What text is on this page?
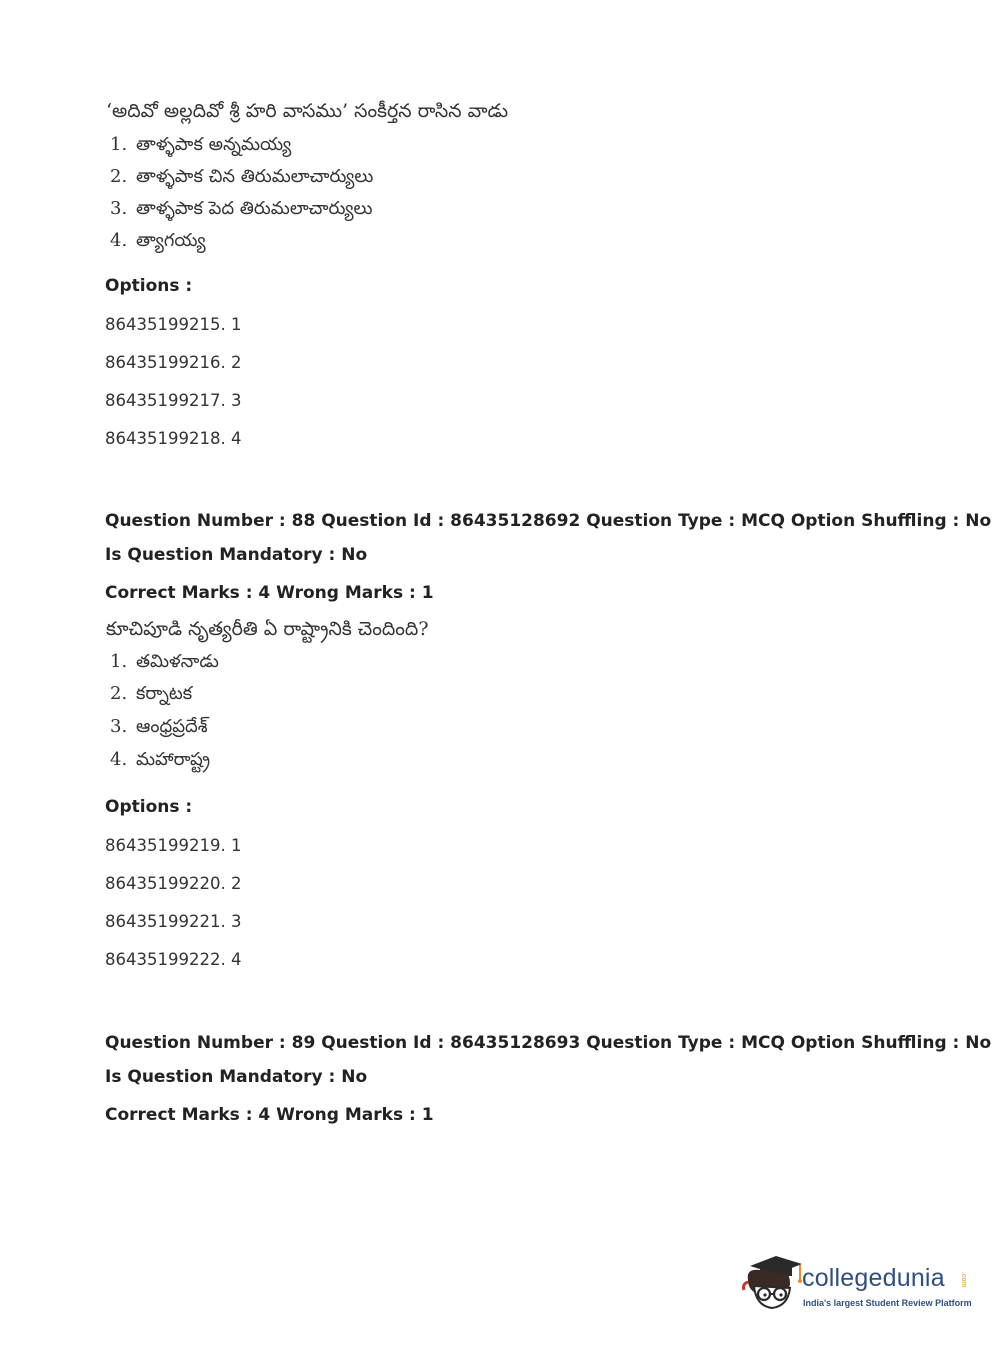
‘అదివో అల్లదివో శ్రీ హరి వాసము’ సంకీర్తన రాసిన వాడు
1. తాళ్ళపాక అన్నమయ్య
2. తాళ్ళపాక చిన తిరుమలాచార్యులు
3. తాళ్ళపాక పెద తిరుమలాచార్యులు
4. త్యాగయ్య
Options :
86435199215. 1
86435199216. 2
86435199217. 3
86435199218. 4
Question Number : 88 Question Id : 86435128692 Question Type : MCQ Option Shuffling : No
Is Question Mandatory : No
Correct Marks : 4 Wrong Marks : 1
కూచిపూడి నృత్యరీతి ఏ రాష్ట్రానికి చెందింది?
1. తమిళనాడు
2. కర్నాటక
3. ఆంధ్రప్రదేశ్
4. మహారాష్ట్ర
Options :
86435199219. 1
86435199220. 2
86435199221. 3
86435199222. 4
Question Number : 89 Question Id : 86435128693 Question Type : MCQ Option Shuffling : No
Is Question Mandatory : No
Correct Marks : 4 Wrong Marks : 1
collegedunia .com
India's largest Student Review Platform
